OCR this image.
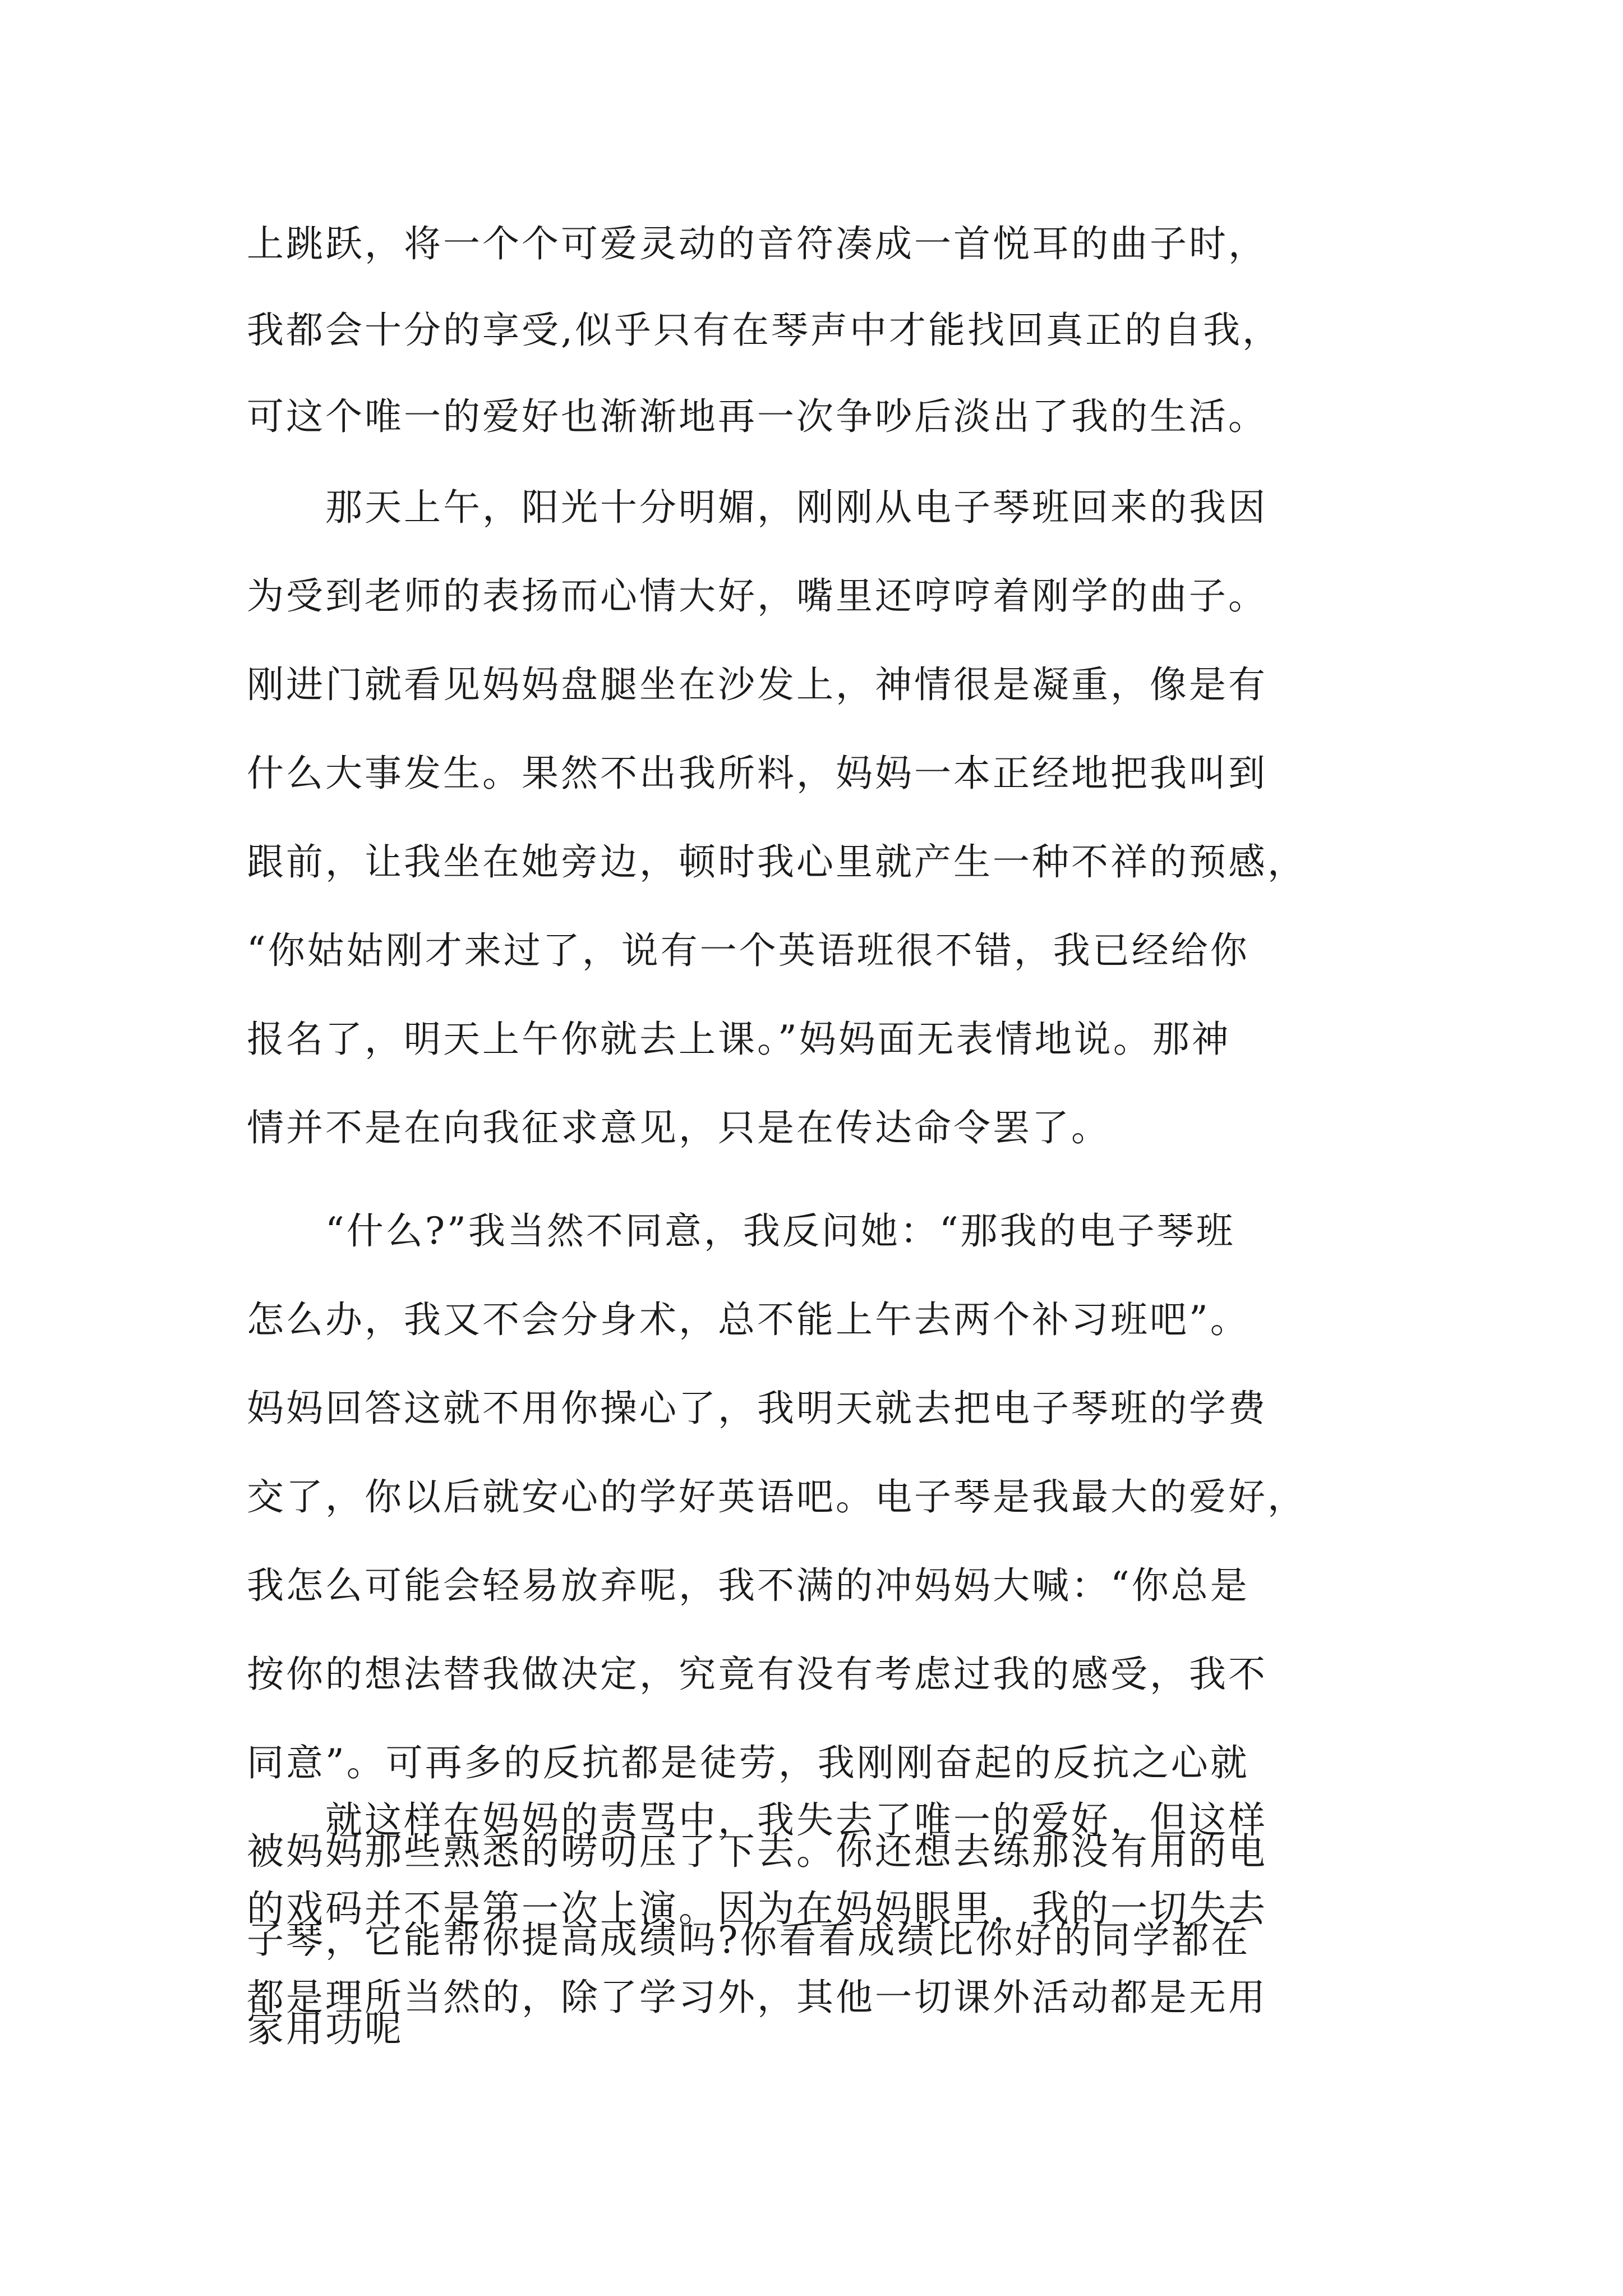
上跳跃，将一个个可爱灵动的音符凑成一首悦耳的曲子时，
我都会十分的享受,似乎只有在琴声中才能找回真正的自我，
可这个唯一的爱好也渐渐地再一次争吵后淡出了我的生活。
　　那天上午，阳光十分明媚，刚刚从电子琴班回来的我因
为受到老师的表扬而心情大好，嘴里还哼哼着刚学的曲子。
刚进门就看见妈妈盘腿坐在沙发上，神情很是凝重，像是有
什么大事发生。果然不出我所料，妈妈一本正经地把我叫到
跟前，让我坐在她旁边，顿时我心里就产生一种不祥的预感，
“你姑姑刚才来过了，说有一个英语班很不错，我已经给你
报名了，明天上午你就去上课。”妈妈面无表情地说。那神
情并不是在向我征求意见，只是在传达命令罢了。
　　“什么?”我当然不同意，我反问她：“那我的电子琴班
怎么办，我又不会分身术，总不能上午去两个补习班吧”。
妈妈回答这就不用你操心了，我明天就去把电子琴班的学费
交了，你以后就安心的学好英语吧。电子琴是我最大的爱好，
我怎么可能会轻易放弃呢，我不满的冲妈妈大喊：“你总是
按你的想法替我做决定，究竟有没有考虑过我的感受，我不
同意”。可再多的反抗都是徒劳，我刚刚奋起的反抗之心就
被妈妈那些熟悉的唠叨压了下去。你还想去练那没有用的电
子琴，它能帮你提高成绩吗?你看看成绩比你好的同学都在
家用功呢
　　就这样在妈妈的责骂中，我失去了唯一的爱好，但这样
的戏码并不是第一次上演。因为在妈妈眼里，我的一切失去
都是理所当然的，除了学习外，其他一切课外活动都是无用
